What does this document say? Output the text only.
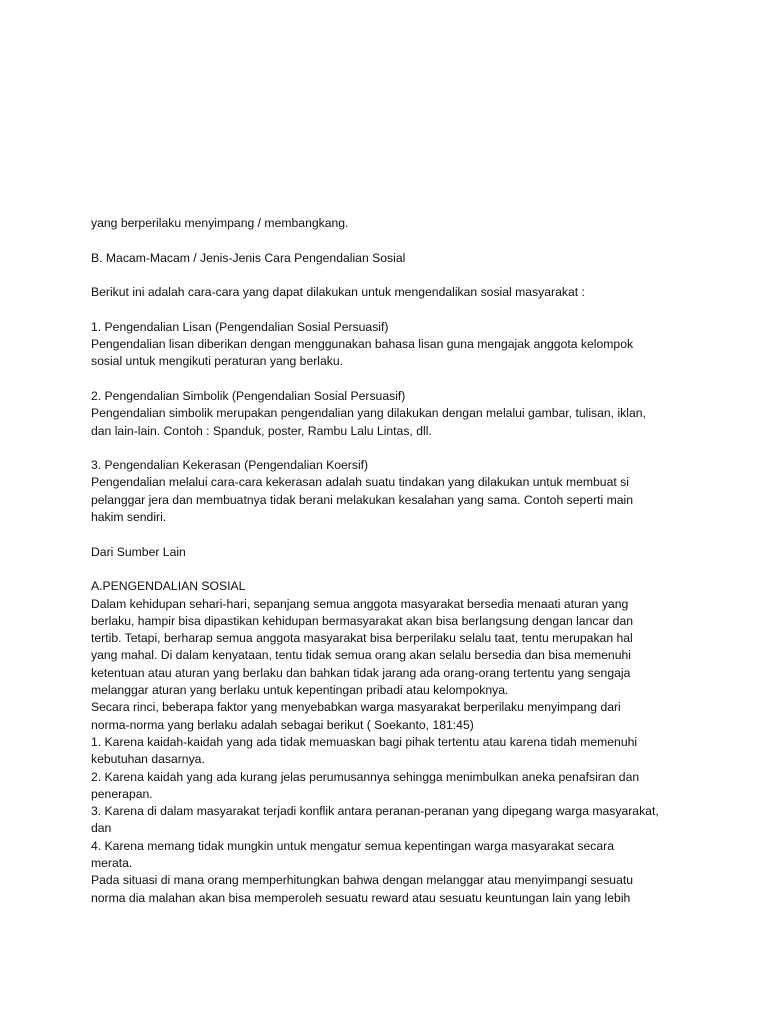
yang berperilaku menyimpang / membangkang.

B. Macam-Macam / Jenis-Jenis Cara Pengendalian Sosial

Berikut ini adalah cara-cara yang dapat dilakukan untuk mengendalikan sosial masyarakat :

1. Pengendalian Lisan (Pengendalian Sosial Persuasif)
Pengendalian lisan diberikan dengan menggunakan bahasa lisan guna mengajak anggota kelompok
sosial untuk mengikuti peraturan yang berlaku.

2. Pengendalian Simbolik (Pengendalian Sosial Persuasif)
Pengendalian simbolik merupakan pengendalian yang dilakukan dengan melalui gambar, tulisan, iklan,
dan lain-lain. Contoh : Spanduk, poster, Rambu Lalu Lintas, dll.

3. Pengendalian Kekerasan (Pengendalian Koersif)
Pengendalian melalui cara-cara kekerasan adalah suatu tindakan yang dilakukan untuk membuat si
pelanggar jera dan membuatnya tidak berani melakukan kesalahan yang sama. Contoh seperti main
hakim sendiri.

Dari Sumber Lain

A.PENGENDALIAN SOSIAL
Dalam kehidupan sehari-hari, sepanjang semua anggota masyarakat bersedia menaati aturan yang
berlaku, hampir bisa dipastikan kehidupan bermasyarakat akan bisa berlangsung dengan lancar dan
tertib. Tetapi, berharap semua anggota masyarakat bisa berperilaku selalu taat, tentu merupakan hal
yang mahal. Di dalam kenyataan, tentu tidak semua orang akan selalu bersedia dan bisa memenuhi
ketentuan atau aturan yang berlaku dan bahkan tidak jarang ada orang-orang tertentu yang sengaja
melanggar aturan yang berlaku untuk kepentingan pribadi atau kelompoknya.
Secara rinci, beberapa faktor yang menyebabkan warga masyarakat berperilaku menyimpang dari
norma-norma yang berlaku adalah sebagai berikut ( Soekanto, 181:45)
1. Karena kaidah-kaidah yang ada tidak memuaskan bagi pihak tertentu atau karena tidah memenuhi
kebutuhan dasarnya.
2. Karena kaidah yang ada kurang jelas perumusannya sehingga menimbulkan aneka penafsiran dan
penerapan.
3. Karena di dalam masyarakat terjadi konflik antara peranan-peranan yang dipegang warga masyarakat,
dan
4. Karena memang tidak mungkin untuk mengatur semua kepentingan warga masyarakat secara
merata.
Pada situasi di mana orang memperhitungkan bahwa dengan melanggar atau menyimpangi sesuatu
norma dia malahan akan bisa memperoleh sesuatu reward atau sesuatu keuntungan lain yang lebih
